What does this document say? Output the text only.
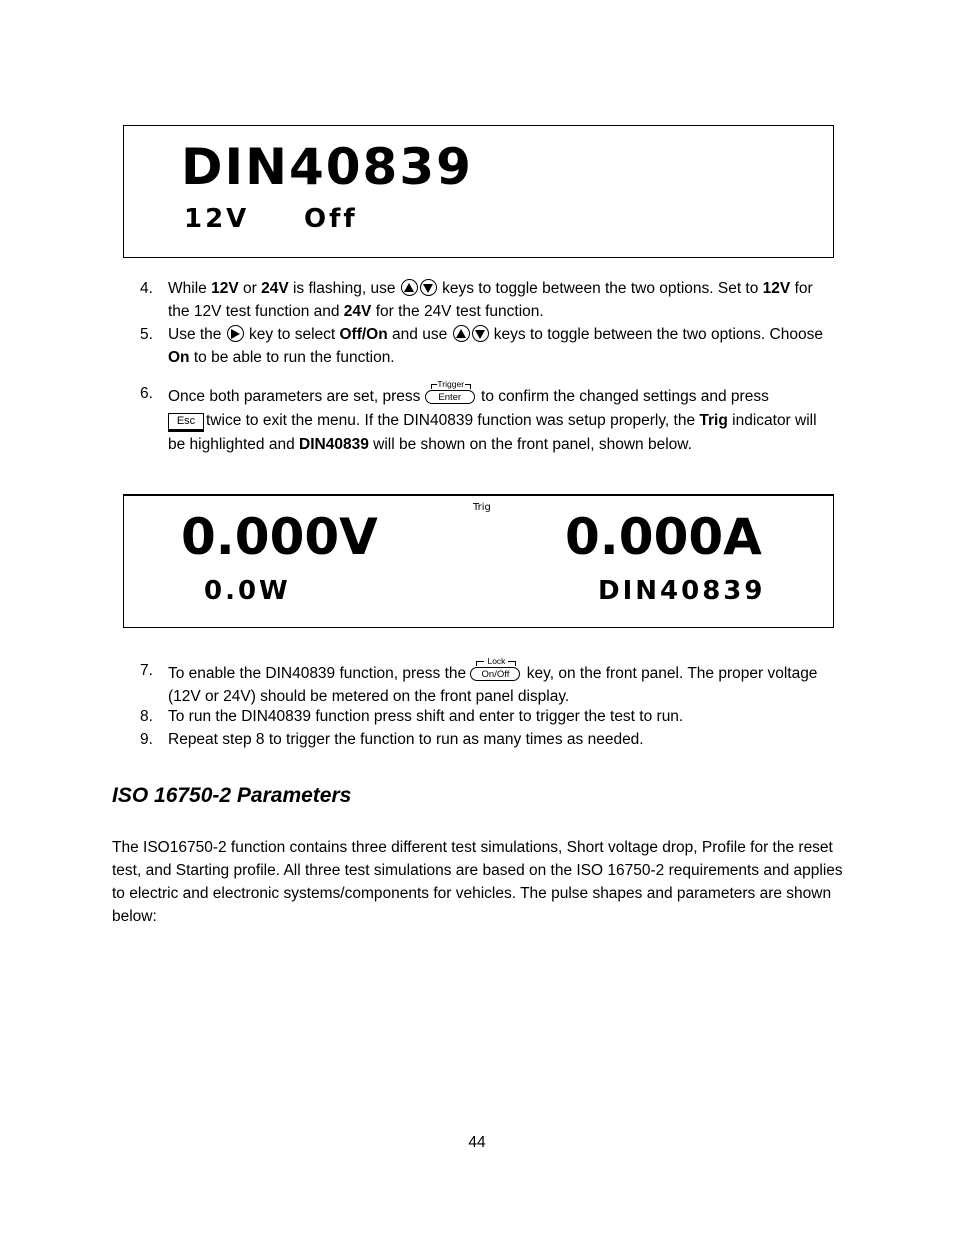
DIN40839
12V Off
4. While 12V or 24V is flashing, use
keys to toggle between the two options. Set to 12V for the 12V test function and 24V for the 24V test function.
5. Use the
key to select Off/On and use
keys to toggle between the two options. Choose On to be able to run the function.
6. Once both parameters are set, press
Trigger
Enter	to confirm the changed settings and press
Esc twice to exit the menu. If the DIN40839 function was setup properly, the Trig indicator will be highlighted and DIN40839 will be shown on the front panel, shown below.
0.000V
Trig
0.000A
0.0W	DIN40839
7. To enable the DIN40839 function, press the
Lock
On/Off key, on the front panel. The proper voltage (12V or 24V) should be metered on the front panel display.
8. To run the DIN40839 function press shift and enter to trigger the test to run.
9. Repeat step 8 to trigger the function to run as many times as needed.
ISO 16750-2 Parameters
The ISO16750-2 function contains three different test simulations, Short voltage drop, Profile for the reset test, and Starting profile. All three test simulations are based on the ISO 16750-2 requirements and applies to electric and electronic systems/components for vehicles. The pulse shapes and parameters are shown below:
44
